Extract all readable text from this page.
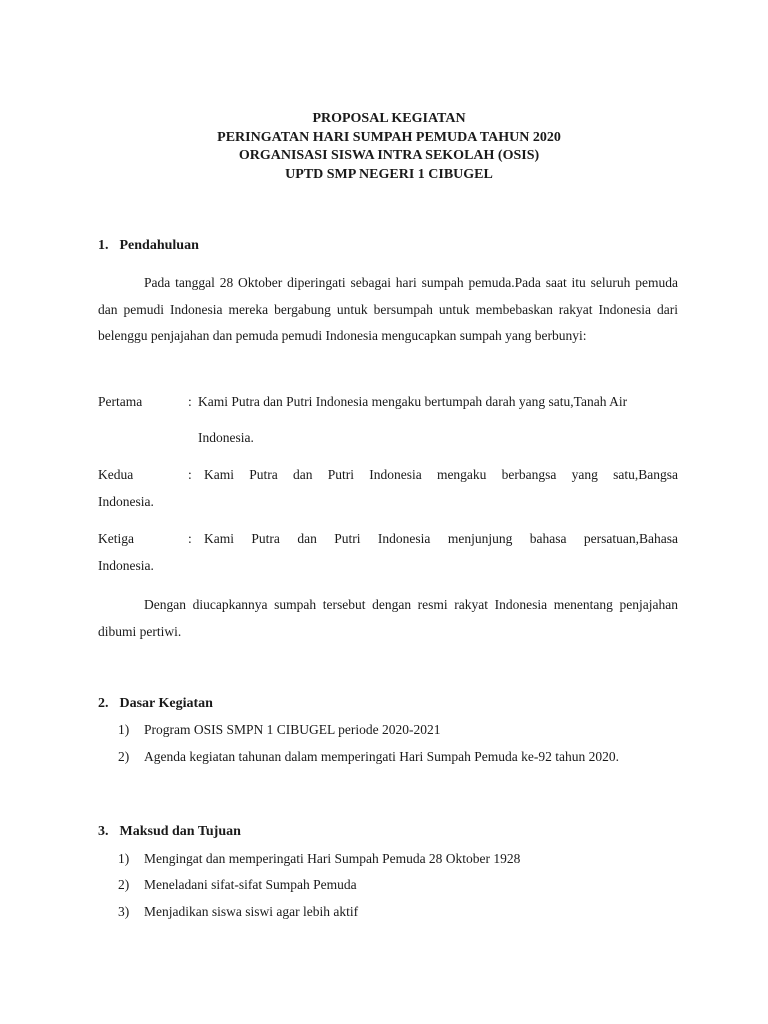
PROPOSAL KEGIATAN
PERINGATAN HARI SUMPAH PEMUDA TAHUN 2020
ORGANISASI SISWA INTRA SEKOLAH (OSIS)
UPTD SMP NEGERI 1 CIBUGEL
1. Pendahuluan
Pada tanggal 28 Oktober diperingati sebagai hari sumpah pemuda.Pada saat itu seluruh pemuda dan pemudi Indonesia mereka bergabung untuk bersumpah untuk membebaskan rakyat Indonesia dari belenggu penjajahan dan pemuda pemudi Indonesia mengucapkan sumpah yang berbunyi:
Pertama	: Kami Putra dan Putri Indonesia mengaku bertumpah darah yang satu,Tanah Air
Indonesia.
Kedua	: Kami Putra dan Putri Indonesia mengaku berbangsa yang satu,Bangsa
Indonesia.
Ketiga	: Kami Putra dan Putri Indonesia menjunjung bahasa persatuan,Bahasa
Indonesia.
Dengan diucapkannya sumpah tersebut dengan resmi rakyat Indonesia menentang penjajahan dibumi pertiwi.
2. Dasar Kegiatan
1) Program OSIS SMPN 1 CIBUGEL periode 2020-2021
2) Agenda kegiatan tahunan dalam memperingati Hari Sumpah Pemuda ke-92 tahun 2020.
3. Maksud dan Tujuan
1) Mengingat dan memperingati Hari Sumpah Pemuda 28 Oktober 1928
2) Meneladani sifat-sifat Sumpah Pemuda
3) Menjadikan siswa siswi agar lebih aktif
